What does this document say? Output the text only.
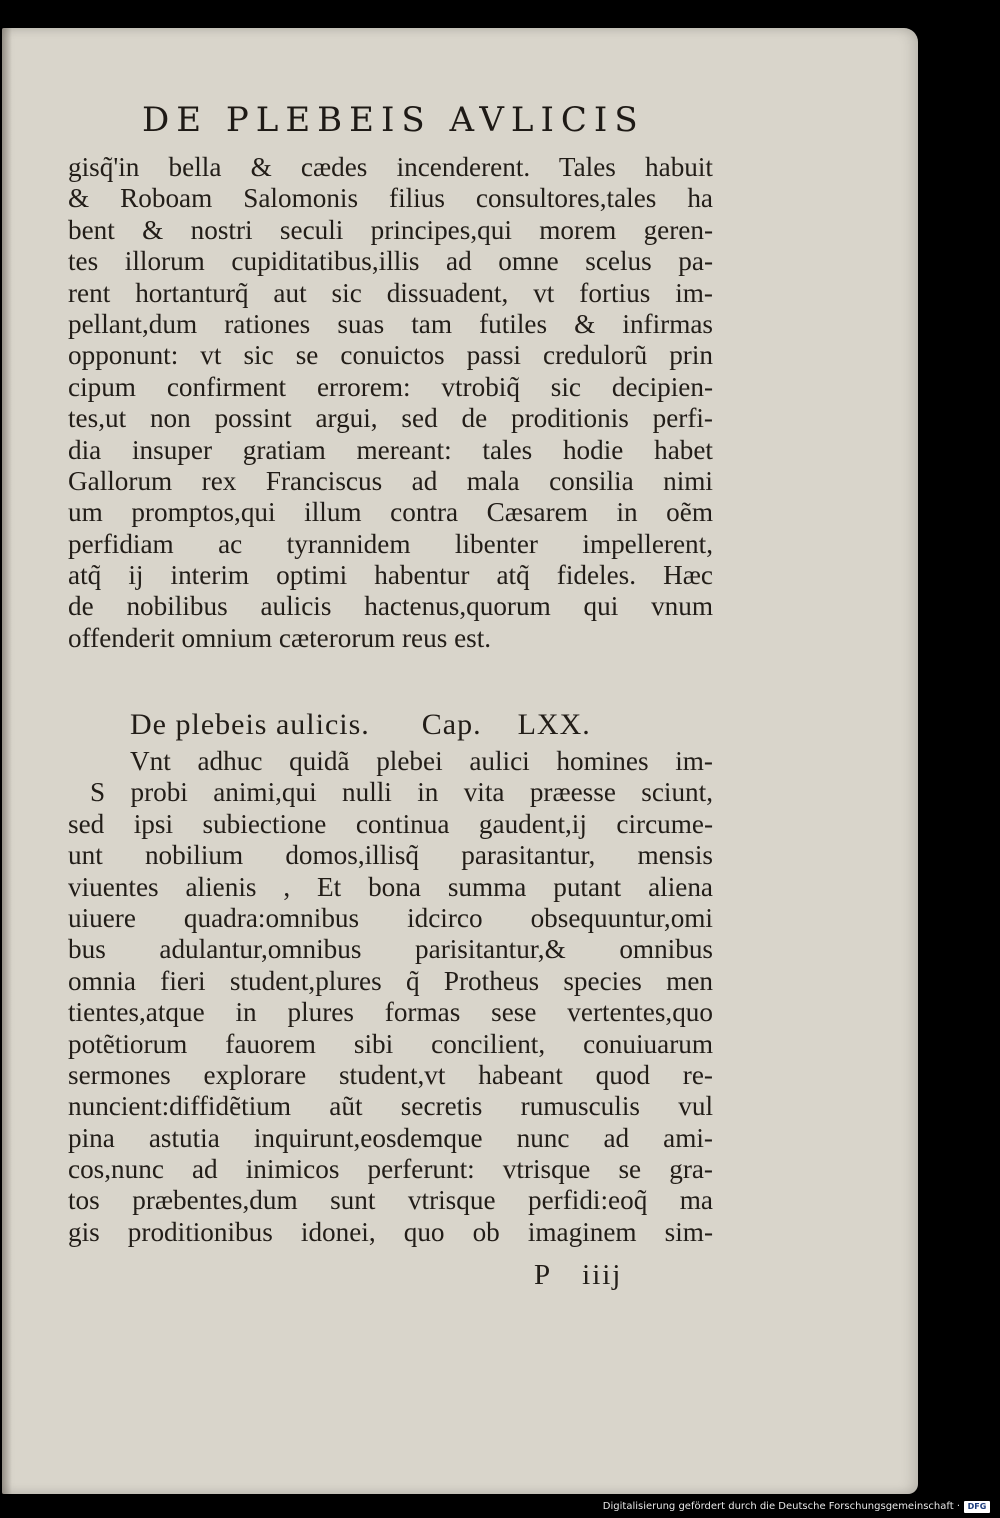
DE PLEBEIS AVLICIS
gisq̃'in bella & cædes incenderent. Tales habuit
& Roboam Salomonis filius consultores,tales ha
bent & nostri seculi principes,qui morem geren-
tes illorum cupiditatibus,illis ad omne scelus pa-
rent hortanturq̃ aut sic dissuadent, vt fortius im-
pellant,dum rationes suas tam futiles & infirmas
opponunt: vt sic se conuictos passi credulorũ prin
cipum confirment errorem: vtrobiq̃ sic decipien-
tes,ut non possint argui, sed de proditionis perfi-
dia insuper gratiam mereant: tales hodie habet
Gallorum rex Franciscus ad mala consilia nimi
um promptos,qui illum contra Cæsarem in oẽm
perfidiam ac tyrannidem libenter impellerent,
atq̃ ij interim optimi habentur atq̃ fideles. Hæc
de nobilibus aulicis hactenus,quorum qui vnum
offenderit omnium cæterorum reus est.
De plebeis aulicis. Cap. LXX.
Vnt adhuc quidã plebei aulici homines im-
S probi animi,qui nulli in vita præesse sciunt,
sed ipsi subiectione continua gaudent,ij circume-
unt nobilium domos,illisq̃ parasitantur, mensis
viuentes alienis , Et bona summa putant aliena
uiuere quadra:omnibus idcirco obsequuntur,omi
bus adulantur,omnibus parisitantur,& omnibus
omnia fieri student,plures q̃ Protheus species men
tientes,atque in plures formas sese vertentes,quo
potẽtiorum fauorem sibi concilient, conuiuarum
sermones explorare student,vt habeant quod re-
nuncient:diffidẽtium aũt secretis rumusculis vul
pina astutia inquirunt,eosdemque nunc ad ami-
cos,nunc ad inimicos perferunt: vtrisque se gra-
tos præbentes,dum sunt vtrisque perfidi:eoq̃ ma
gis proditionibus idonei, quo ob imaginem sim-
P iiij
Digitalisierung gefördert durch die Deutsche Forschungsgemeinschaft · DFG
